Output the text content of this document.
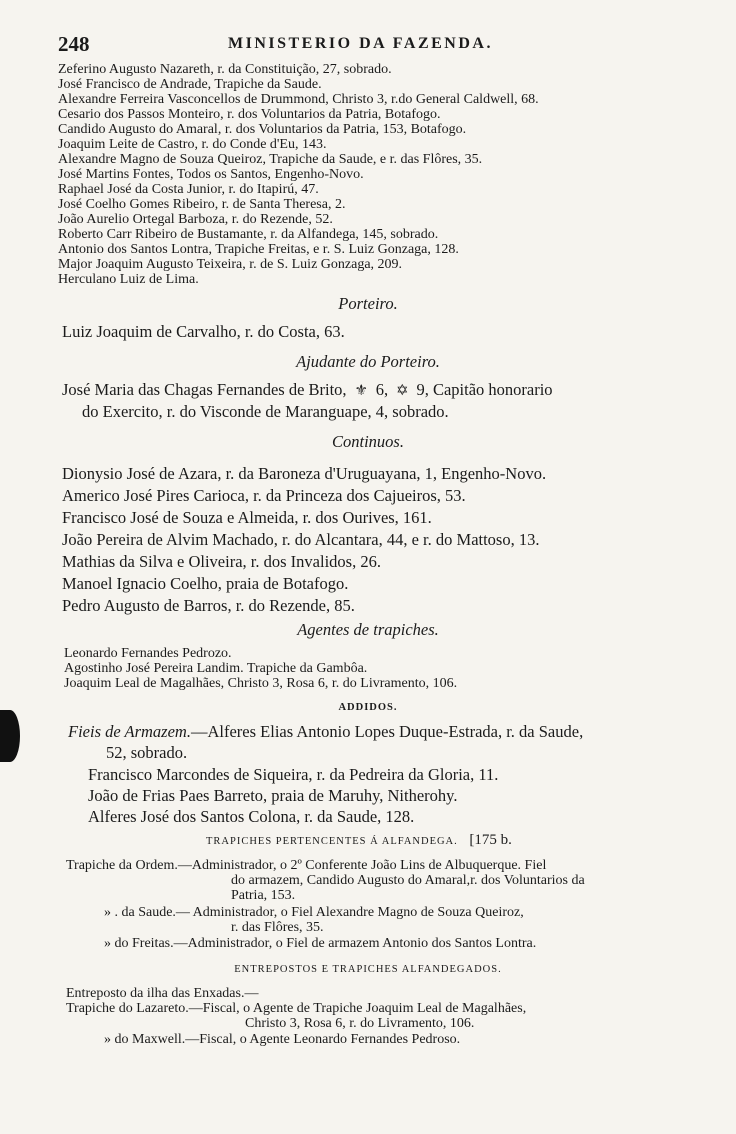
248	MINISTERIO DA FAZENDA.
Zeferino Augusto Nazareth, r. da Constituição, 27, sobrado.
José Francisco de Andrade, Trapiche da Saude.
Alexandre Ferreira Vasconcellos de Drummond, Christo 3, r.do General Caldwell, 68.
Cesario dos Passos Monteiro, r. dos Voluntarios da Patria, Botafogo.
Candido Augusto do Amaral, r. dos Voluntarios da Patria, 153, Botafogo.
Joaquim Leite de Castro, r. do Conde d'Eu, 143.
Alexandre Magno de Souza Queiroz, Trapiche da Saude, e r. das Flôres, 35.
José Martins Fontes, Todos os Santos, Engenho-Novo.
Raphael José da Costa Junior, r. do Itapirú, 47.
José Coelho Gomes Ribeiro, r. de Santa Theresa, 2.
João Aurelio Ortegal Barboza, r. do Rezende, 52.
Roberto Carr Ribeiro de Bustamante, r. da Alfandega, 145, sobrado.
Antonio dos Santos Lontra, Trapiche Freitas, e r. S. Luiz Gonzaga, 128.
Major Joaquim Augusto Teixeira, r. de S. Luiz Gonzaga, 209.
Herculano Luiz de Lima.
Porteiro.
Luiz Joaquim de Carvalho, r. do Costa, 63.
Ajudante do Porteiro.
José Maria das Chagas Fernandes de Brito,  ⚜  6,  ✡  9, Capitão honorario
do Exercito, r. do Visconde de Maranguape, 4, sobrado.
Continuos.
Dionysio José de Azara, r. da Baroneza d'Uruguayana, 1, Engenho-Novo.
Americo José Pires Carioca, r. da Princeza dos Cajueiros, 53.
Francisco José de Souza e Almeida, r. dos Ourives, 161.
João Pereira de Alvim Machado, r. do Alcantara, 44, e r. do Mattoso, 13.
Mathias da Silva e Oliveira, r. dos Invalidos, 26.
Manoel Ignacio Coelho, praia de Botafogo.
Pedro Augusto de Barros, r. do Rezende, 85.
Agentes de trapiches.
Leonardo Fernandes Pedrozo.
Agostinho José Pereira Landim. Trapiche da Gambôa.
Joaquim Leal de Magalhães, Christo 3, Rosa 6, r. do Livramento, 106.
ADDIDOS.
Fieis de Armazem.—Alferes Elias Antonio Lopes Duque-Estrada, r. da Saude,
52, sobrado.
Francisco Marcondes de Siqueira, r. da Pedreira da Gloria, 11.
João de Frias Paes Barreto, praia de Maruhy, Nitherohy.
Alferes José dos Santos Colona, r. da Saude, 128.
TRAPICHES PERTENCENTES Á ALFANDEGA. [175 b.
Trapiche da Ordem.—Administrador, o 2º Conferente João Lins de Albuquerque. Fiel
do armazem, Candido Augusto do Amaral,r. dos Voluntarios da
Patria, 153.
» . da Saude.— Administrador, o Fiel Alexandre Magno de Souza Queiroz,
r. das Flôres, 35.
» do Freitas.—Administrador, o Fiel de armazem Antonio dos Santos Lontra.
ENTREPOSTOS E TRAPICHES ALFANDEGADOS.
Entreposto da ilha das Enxadas.—
Trapiche do Lazareto.—Fiscal, o Agente de Trapiche Joaquim Leal de Magalhães,
Christo 3, Rosa 6, r. do Livramento, 106.
» do Maxwell.—Fiscal, o Agente Leonardo Fernandes Pedroso.
